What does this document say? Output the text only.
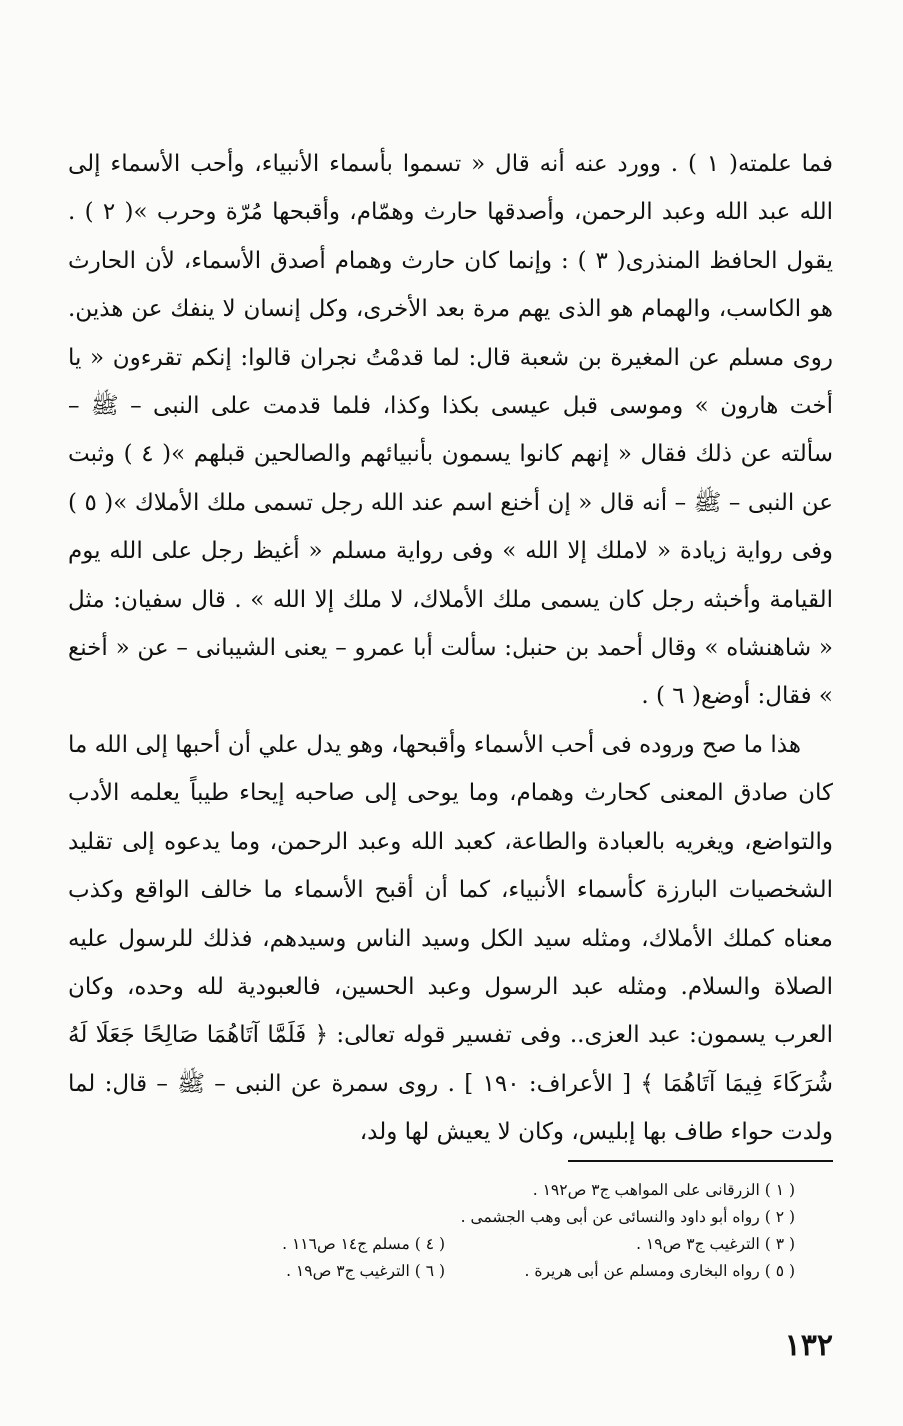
فما علمته( ١ ) . وورد عنه أنه قال « تسموا بأسماء الأنبياء، وأحب الأسماء إلى الله عبد الله وعبد الرحمن، وأصدقها حارث وهمّام، وأقبحها مُرّة وحرب »( ٢ ) . يقول الحافظ المنذرى( ٣ ) : وإنما كان حارث وهمام أصدق الأسماء، لأن الحارث هو الكاسب، والهمام هو الذى يهم مرة بعد الأخرى، وكل إنسان لا ينفك عن هذين. روى مسلم عن المغيرة بن شعبة قال: لما قدمْتُ نجران قالوا: إنكم تقرءون « يا أخت هارون » وموسى قبل عيسى بكذا وكذا، فلما قدمت على النبى – ﷺ – سألته عن ذلك فقال « إنهم كانوا يسمون بأنبيائهم والصالحين قبلهم »( ٤ ) وثبت عن النبى – ﷺ – أنه قال « إن أخنع اسم عند الله رجل تسمى ملك الأملاك »( ٥ ) وفى رواية زيادة « لاملك إلا الله » وفى رواية مسلم « أغيظ رجل على الله يوم القيامة وأخبثه رجل كان يسمى ملك الأملاك، لا ملك إلا الله » . قال سفيان: مثل « شاهنشاه » وقال أحمد بن حنبل: سألت أبا عمرو – يعنى الشيبانى – عن « أخنع » فقال: أوضع( ٦ ) .

هذا ما صح وروده فى أحب الأسماء وأقبحها، وهو يدل علي أن أحبها إلى الله ما كان صادق المعنى كحارث وهمام، وما يوحى إلى صاحبه إيحاء طيباً يعلمه الأدب والتواضع، ويغريه بالعبادة والطاعة، كعبد الله وعبد الرحمن، وما يدعوه إلى تقليد الشخصيات البارزة كأسماء الأنبياء، كما أن أقبح الأسماء ما خالف الواقع وكذب معناه كملك الأملاك، ومثله سيد الكل وسيد الناس وسيدهم، فذلك للرسول عليه الصلاة والسلام. ومثله عبد الرسول وعبد الحسين، فالعبودية لله وحده، وكان العرب يسمون: عبد العزى.. وفى تفسير قوله تعالى: ﴿ فَلَمَّا آتَاهُمَا صَالِحًا جَعَلَا لَهُ شُرَكَاءَ فِيمَا آتَاهُمَا ﴾ [ الأعراف: ١٩٠ ] . روى سمرة عن النبى – ﷺ – قال: لما ولدت حواء طاف بها إبليس، وكان لا يعيش لها ولد،

( ١ ) الزرقانى على المواهب ج٣ ص١٩٢ .
( ٢ ) رواه أبو داود والنسائى عن أبى وهب الجشمى .
( ٣ ) الترغيب ج٣ ص١٩ .
( ٤ ) مسلم ج١٤ ص١١٦ .
( ٥ ) رواه البخارى ومسلم عن أبى هريرة .
( ٦ ) الترغيب ج٣ ص١٩ .
١٣٢
